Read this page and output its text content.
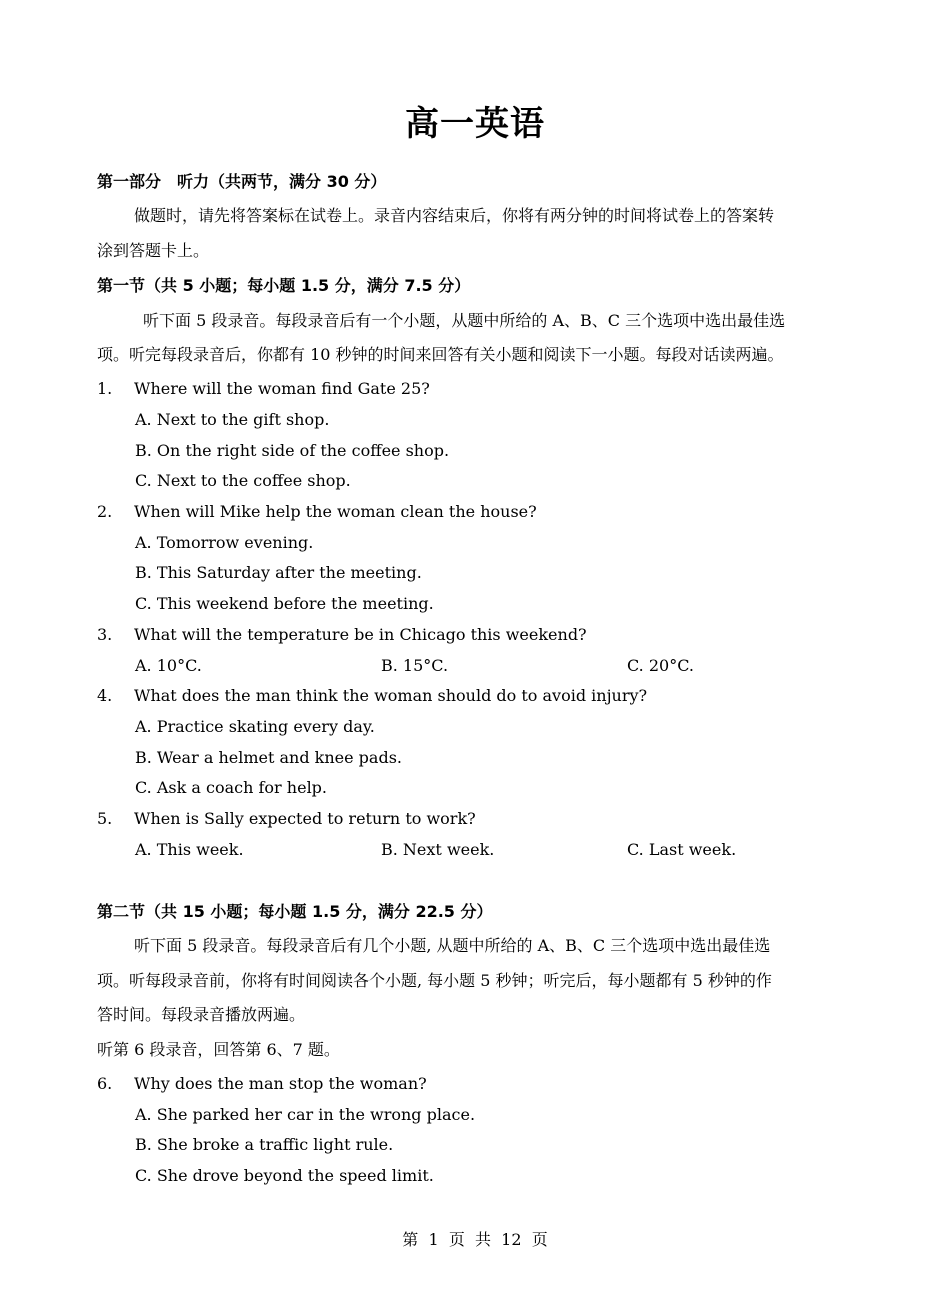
高一英语
第一部分　听力（共两节，满分 30 分）
做题时，请先将答案标在试卷上。录音内容结束后，你将有两分钟的时间将试卷上的答案转
涂到答题卡上。
第一节（共 5 小题；每小题 1.5 分，满分 7.5 分）
听下面 5 段录音。每段录音后有一个小题，从题中所给的 A、B、C 三个选项中选出最佳选
项。听完每段录音后，你都有 10 秒钟的时间来回答有关小题和阅读下一小题。每段对话读两遍。
1. Where will the woman find Gate 25?
A. Next to the gift shop.
B. On the right side of the coffee shop.
C. Next to the coffee shop.
2. When will Mike help the woman clean the house?
A. Tomorrow evening.
B. This Saturday after the meeting.
C. This weekend before the meeting.
3. What will the temperature be in Chicago this weekend?
A. 10°C.	B. 15°C.	C. 20°C.
4. What does the man think the woman should do to avoid injury?
A. Practice skating every day.
B. Wear a helmet and knee pads.
C. Ask a coach for help.
5. When is Sally expected to return to work?
A. This week.	B. Next week.	C. Last week.
第二节（共 15 小题；每小题 1.5 分，满分 22.5 分）
听下面 5 段录音。每段录音后有几个小题, 从题中所给的 A、B、C 三个选项中选出最佳选
项。听每段录音前，你将有时间阅读各个小题, 每小题 5 秒钟；听完后，每小题都有 5 秒钟的作
答时间。每段录音播放两遍。
听第 6 段录音，回答第 6、7 题。
6. Why does the man stop the woman?
A. She parked her car in the wrong place.
B. She broke a traffic light rule.
C. She drove beyond the speed limit.
第  1  页  共  12  页
